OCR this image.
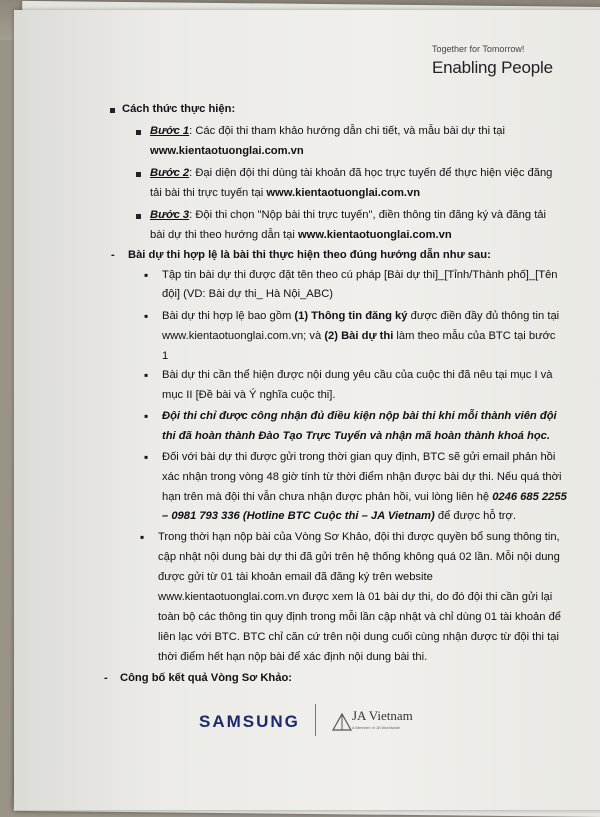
Together for Tomorrow!
Enabling People
Cách thức thực hiện:
Bước 1: Các đội thi tham khảo hướng dẫn chi tiết, và mẫu bài dự thi tại
www.kientaotuonglai.com.vn
Bước 2: Đại diện đội thi dùng tài khoản đã học trực tuyến để thực hiện việc đăng
tải bài thi trực tuyến tại www.kientaotuonglai.com.vn
Bước 3: Đội thi chọn "Nộp bài thi trực tuyến", điền thông tin đăng ký và đăng tải
bài dự thi theo hướng dẫn tại www.kientaotuonglai.com.vn
- Bài dự thi hợp lệ là bài thi thực hiện theo đúng hướng dẫn như sau:
▪ Tập tin bài dự thi được đặt tên theo cú pháp [Bài dự thi]_[Tỉnh/Thành phố]_[Tên
đội] (VD: Bài dự thi_ Hà Nội_ABC)
▪ Bài dự thi hợp lệ bao gồm (1) Thông tin đăng ký được điền đầy đủ thông tin tại
www.kientaotuonglai.com.vn; và (2) Bài dự thi làm theo mẫu của BTC tại bước
1
▪ Bài dự thi cần thể hiện được nội dung yêu cầu của cuộc thi đã nêu tại mục I và
mục II [Đề bài và Ý nghĩa cuộc thi].
▪ Đội thi chỉ được công nhận đủ điều kiện nộp bài thi khi mỗi thành viên đội
thi đã hoàn thành Đào Tạo Trực Tuyến và nhận mã hoàn thành khoá học.
▪ Đối với bài dự thi được gửi trong thời gian quy định, BTC sẽ gửi email phản hồi
xác nhận trong vòng 48 giờ tính từ thời điểm nhận được bài dự thi. Nếu quá thời
hạn trên mà đội thi vẫn chưa nhận được phản hồi, vui lòng liên hệ 0246 685 2255
– 0981 793 336 (Hotline BTC Cuộc thi – JA Vietnam) để được hỗ trợ.
▪ Trong thời hạn nộp bài của Vòng Sơ Khảo, đội thi được quyền bổ sung thông tin,
cập nhật nội dung bài dự thi đã gửi trên hệ thống không quá 02 lần. Mỗi nội dung
được gửi từ 01 tài khoản email đã đăng ký trên website
www.kientaotuonglai.com.vn được xem là 01 bài dự thi, do đó đội thi cần gửi lại
toàn bộ các thông tin quy định trong mỗi lần cập nhật và chỉ dùng 01 tài khoản để
liên lạc với BTC. BTC chỉ căn cứ trên nội dung cuối cùng nhận được từ đội thi tại
thời điểm hết hạn nộp bài để xác định nội dung bài thi.
- Công bố kết quả Vòng Sơ Khảo:
SAMSUNG	JA Vietnam
A Member of JA Worldwide
